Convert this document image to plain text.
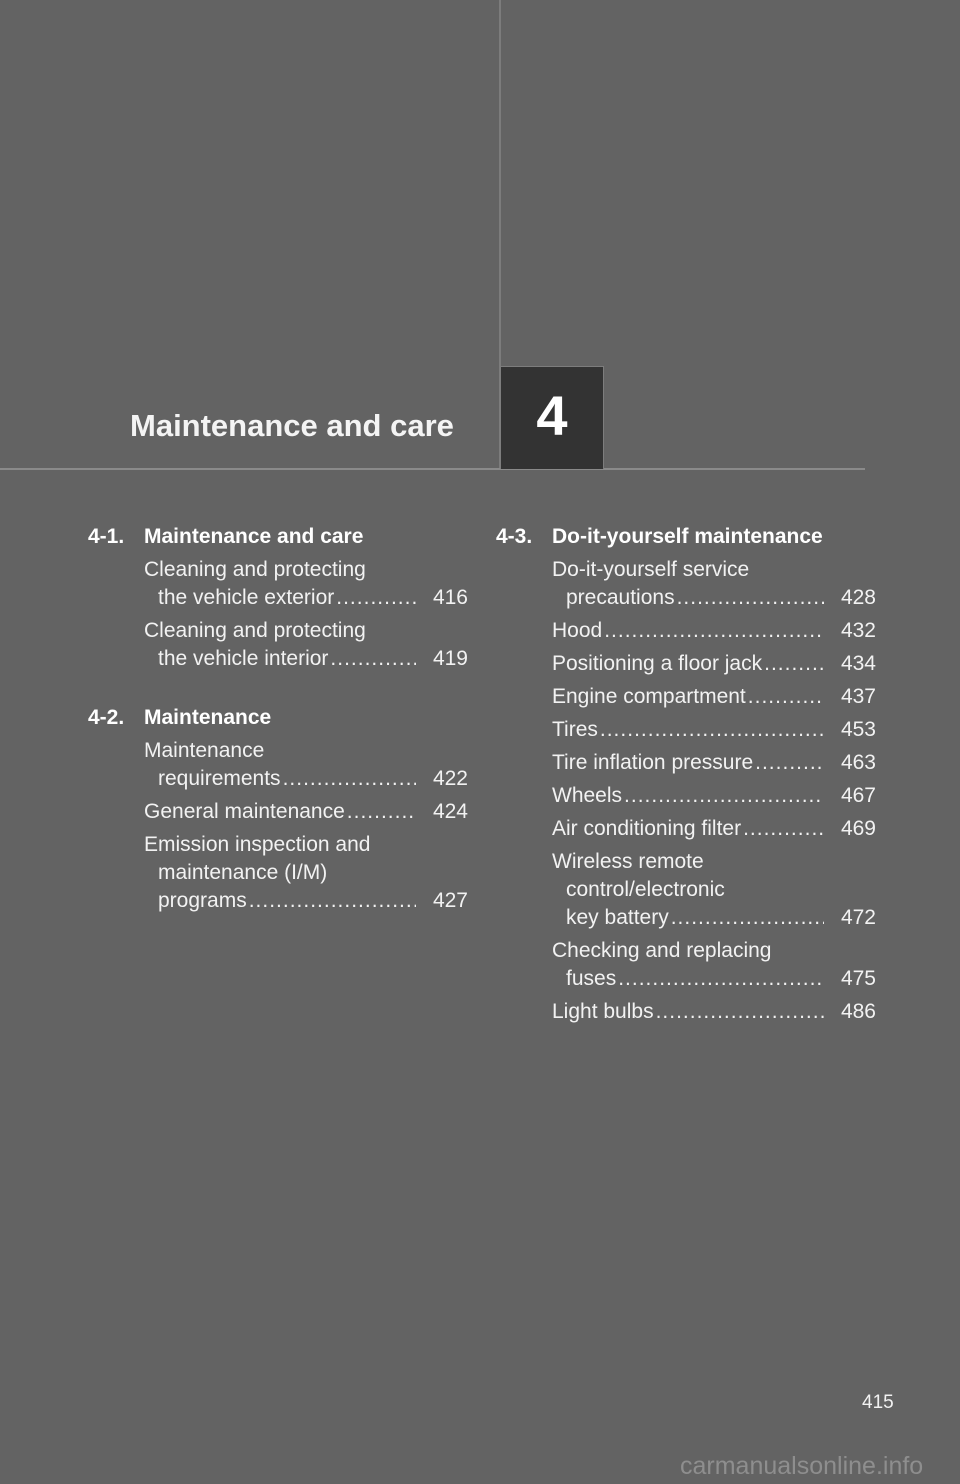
Maintenance and care 4
4-1. Maintenance and care
Cleaning and protecting
the vehicle exterior .....	416
Cleaning and protecting
the vehicle interior .....	419
4-2. Maintenance
Maintenance
requirements .....	422
General maintenance .....	424
Emission inspection and
maintenance (I/M)
programs .....	427
4-3. Do-it-yourself maintenance
Do-it-yourself service
precautions .....	428
Hood .....	432
Positioning a floor jack .....	434
Engine compartment .....	437
Tires .....	453
Tire inflation pressure .....	463
Wheels .....	467
Air conditioning filter .....	469
Wireless remote
control/electronic
key battery .....	472
Checking and replacing
fuses .....	475
Light bulbs .....	486
415
carmanualsonline.info
